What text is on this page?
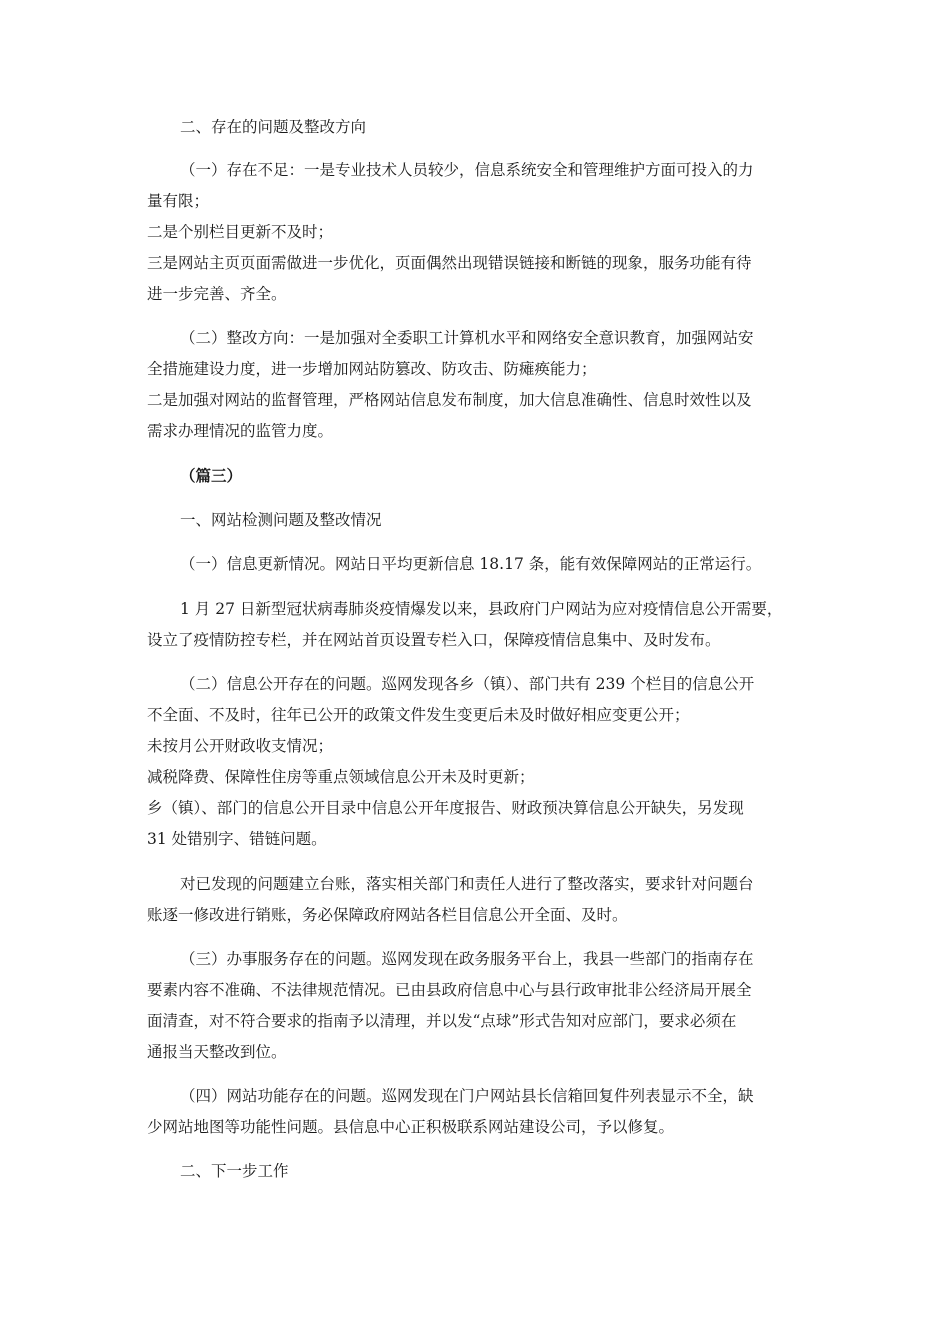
二、存在的问题及整改方向

（一）存在不足：一是专业技术人员较少，信息系统安全和管理维护方面可投入的力
量有限；
二是个别栏目更新不及时；
三是网站主页页面需做进一步优化，页面偶然出现错误链接和断链的现象，服务功能有待
进一步完善、齐全。

（二）整改方向：一是加强对全委职工计算机水平和网络安全意识教育，加强网站安
全措施建设力度，进一步增加网站防篡改、防攻击、防瘫痪能力；
二是加强对网站的监督管理，严格网站信息发布制度，加大信息准确性、信息时效性以及
需求办理情况的监管力度。

（篇三）

一、网站检测问题及整改情况

（一）信息更新情况。网站日平均更新信息 18.17 条，能有效保障网站的正常运行。

1 月 27 日新型冠状病毒肺炎疫情爆发以来，县政府门户网站为应对疫情信息公开需要，
设立了疫情防控专栏，并在网站首页设置专栏入口，保障疫情信息集中、及时发布。

（二）信息公开存在的问题。巡网发现各乡（镇）、部门共有 239 个栏目的信息公开
不全面、不及时，往年已公开的政策文件发生变更后未及时做好相应变更公开；
未按月公开财政收支情况；
减税降费、保障性住房等重点领域信息公开未及时更新；
乡（镇）、部门的信息公开目录中信息公开年度报告、财政预决算信息公开缺失，另发现
31 处错别字、错链问题。

对已发现的问题建立台账，落实相关部门和责任人进行了整改落实，要求针对问题台
账逐一修改进行销账，务必保障政府网站各栏目信息公开全面、及时。

（三）办事服务存在的问题。巡网发现在政务服务平台上，我县一些部门的指南存在
要素内容不准确、不法律规范情况。已由县政府信息中心与县行政审批非公经济局开展全
面清查，对不符合要求的指南予以清理，并以发“点球”形式告知对应部门，要求必须在
通报当天整改到位。

（四）网站功能存在的问题。巡网发现在门户网站县长信箱回复件列表显示不全，缺
少网站地图等功能性问题。县信息中心正积极联系网站建设公司，予以修复。

二、下一步工作
